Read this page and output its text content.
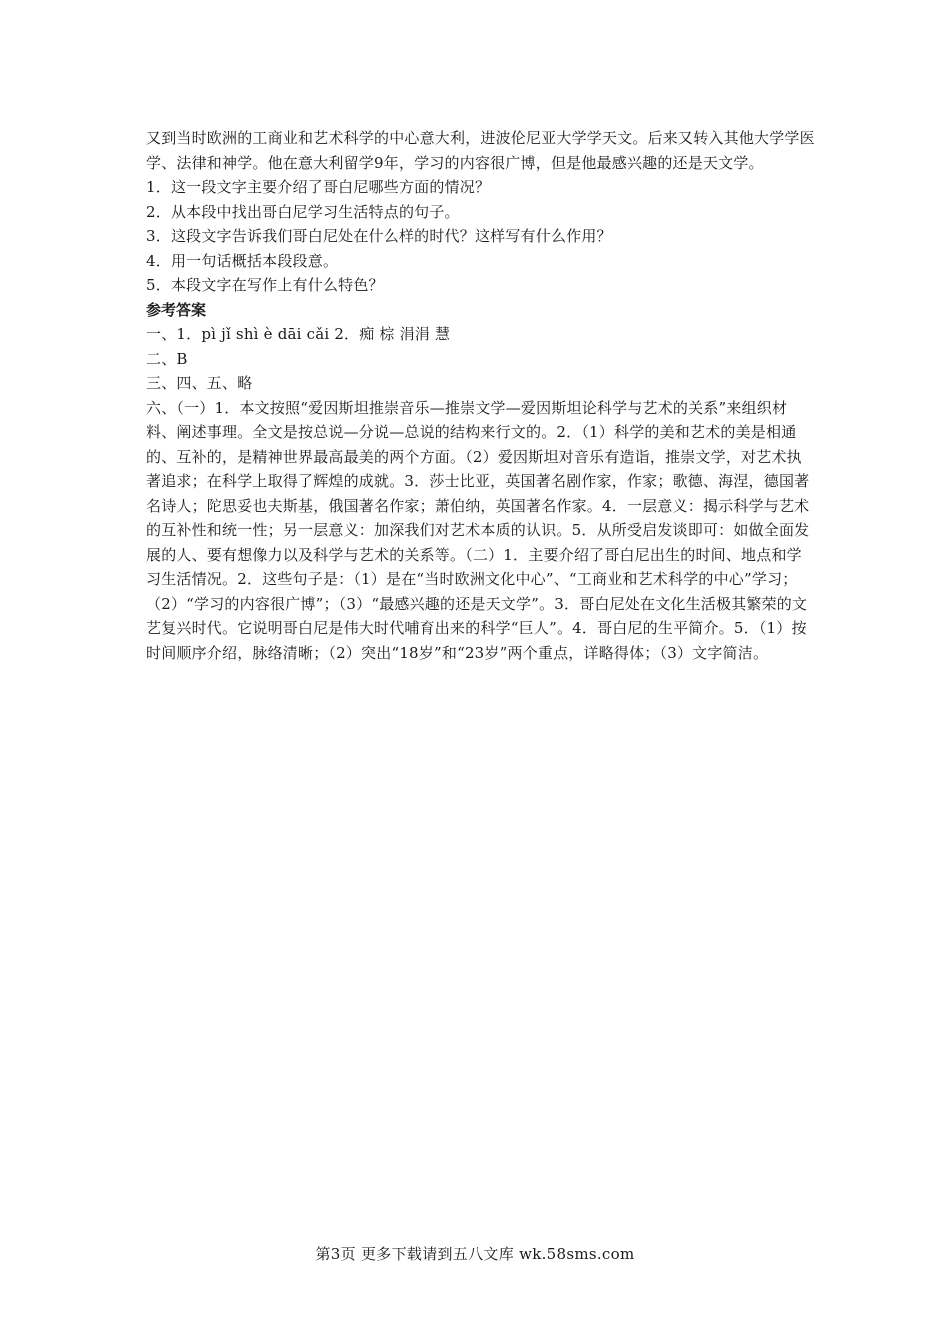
又到当时欧洲的工商业和艺术科学的中心意大利，进波伦尼亚大学学天文。后来又转入其他大学学医学、法律和神学。他在意大利留学9年，学习的内容很广博，但是他最感兴趣的还是天文学。

1．这一段文字主要介绍了哥白尼哪些方面的情况？

2．从本段中找出哥白尼学习生活特点的句子。

3．这段文字告诉我们哥白尼处在什么样的时代？这样写有什么作用？

4．用一句话概括本段段意。

5．本段文字在写作上有什么特色？

参考答案

一、1．pì jǐ shì è dāi cǎi 2．痴 棕 涓涓 慧

二、B

三、四、五、略

六、（一）1．本文按照“爱因斯坦推崇音乐—推崇文学—爱因斯坦论科学与艺术的关系”来组织材料、阐述事理。全文是按总说—分说—总说的结构来行文的。2．（1）科学的美和艺术的美是相通的、互补的，是精神世界最高最美的两个方面。（2）爱因斯坦对音乐有造诣，推崇文学，对艺术执著追求；在科学上取得了辉煌的成就。3．莎士比亚，英国著名剧作家，作家；歌德、海涅，德国著名诗人；陀思妥也夫斯基，俄国著名作家；萧伯纳，英国著名作家。4．一层意义：揭示科学与艺术的互补性和统一性；另一层意义：加深我们对艺术本质的认识。5．从所受启发谈即可：如做全面发展的人、要有想像力以及科学与艺术的关系等。（二）1．主要介绍了哥白尼出生的时间、地点和学习生活情况。2．这些句子是：（1）是在“当时欧洲文化中心”、“工商业和艺术科学的中心”学习；（2）“学习的内容很广博”；（3）“最感兴趣的还是天文学”。3．哥白尼处在文化生活极其繁荣的文艺复兴时代。它说明哥白尼是伟大时代哺育出来的科学“巨人”。4．哥白尼的生平简介。5．（1）按时间顺序介绍，脉络清晰；（2）突出“18岁”和“23岁”两个重点，详略得体；（3）文字简洁。

第3页 更多下载请到五八文库 wk.58sms.com
